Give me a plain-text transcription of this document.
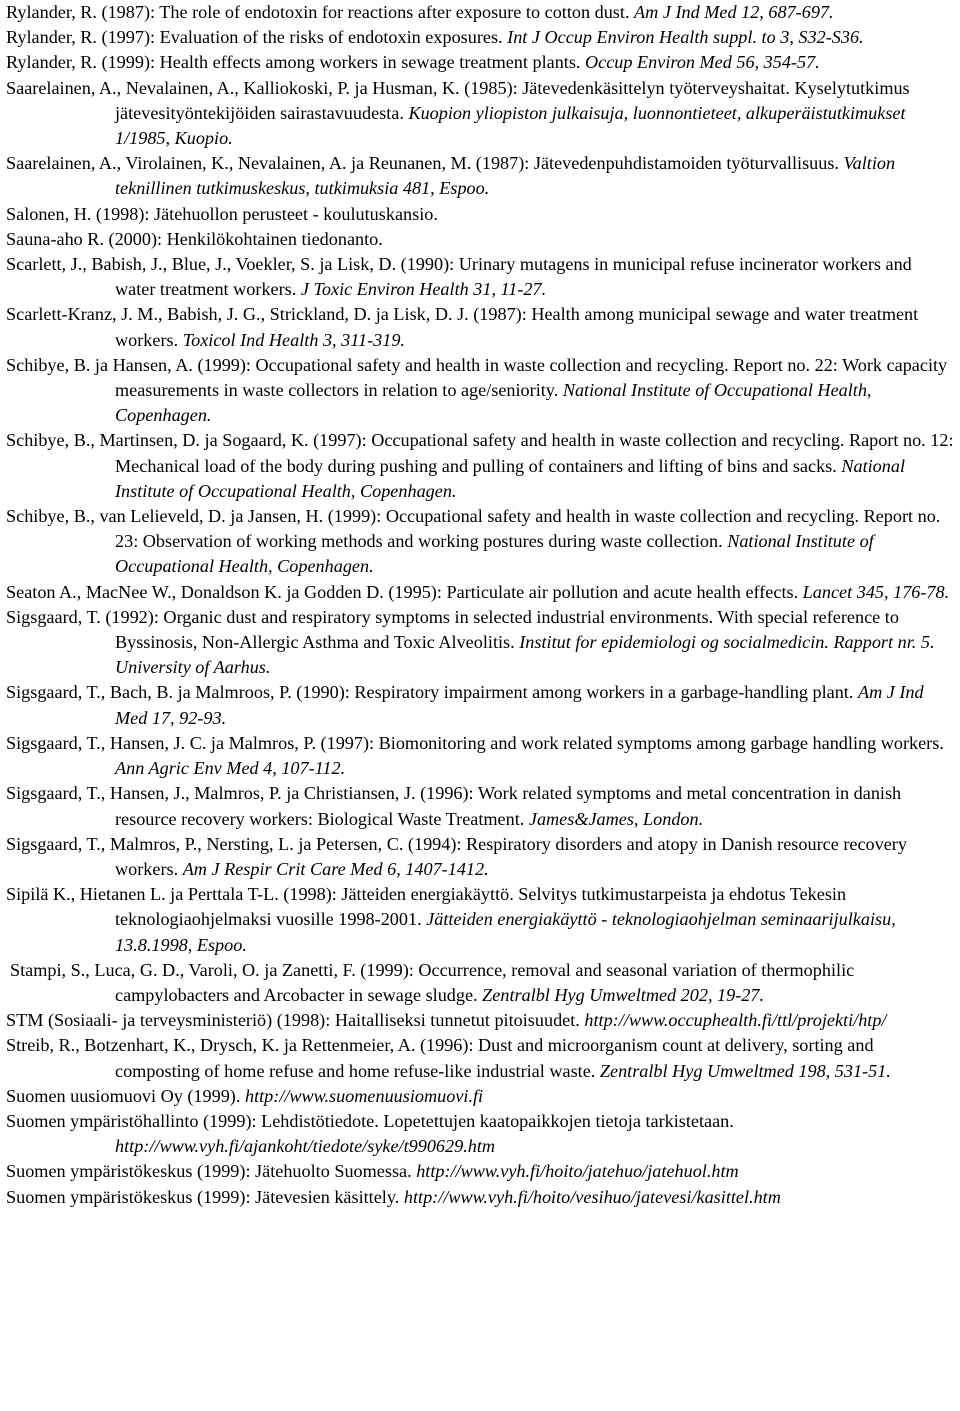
Rylander, R. (1987): The role of endotoxin for reactions after exposure to cotton dust. Am J Ind Med 12, 687-697.

Rylander, R. (1997): Evaluation of the risks of endotoxin exposures. Int J Occup Environ Health suppl. to 3, S32-S36.

Rylander, R. (1999): Health effects among workers in sewage treatment plants. Occup Environ Med 56, 354-57.

Saarelainen, A., Nevalainen, A., Kalliokoski, P. ja Husman, K. (1985): Jätevedenkäsittelyn työterveyshaitat. Kyselytutkimus jätevesityöntekijöiden sairastavuudesta. Kuopion yliopiston julkaisuja, luonnontieteet, alkuperäistutkimukset 1/1985, Kuopio.

Saarelainen, A., Virolainen, K., Nevalainen, A. ja Reunanen, M. (1987): Jätevedenpuhdistamoiden työturvallisuus. Valtion teknillinen tutkimuskeskus, tutkimuksia 481, Espoo.

Salonen, H. (1998): Jätehuollon perusteet - koulutuskansio.

Sauna-aho R. (2000): Henkilökohtainen tiedonanto.

Scarlett, J., Babish, J., Blue, J., Voekler, S. ja Lisk, D. (1990): Urinary mutagens in municipal refuse incinerator workers and water treatment workers. J Toxic Environ Health 31, 11-27.

Scarlett-Kranz, J. M., Babish, J. G., Strickland, D. ja Lisk, D. J. (1987): Health among municipal sewage and water treatment workers. Toxicol Ind Health 3, 311-319.

Schibye, B. ja Hansen, A. (1999): Occupational safety and health in waste collection and recycling. Report no. 22: Work capacity measurements in waste collectors in relation to age/seniority. National Institute of Occupational Health, Copenhagen.

Schibye, B., Martinsen, D. ja Sogaard, K. (1997): Occupational safety and health in waste collection and recycling. Raport no. 12: Mechanical load of the body during pushing and pulling of containers and lifting of bins and sacks. National Institute of Occupational Health, Copenhagen.

Schibye, B., van Lelieveld, D. ja Jansen, H. (1999): Occupational safety and health in waste collection and recycling. Report no. 23: Observation of working methods and working postures during waste collection. National Institute of Occupational Health, Copenhagen.

Seaton A., MacNee W., Donaldson K. ja Godden D. (1995): Particulate air pollution and acute health effects. Lancet 345, 176-78.

Sigsgaard, T. (1992): Organic dust and respiratory symptoms in selected industrial environments. With special reference to Byssinosis, Non-Allergic Asthma and Toxic Alveolitis. Institut for epidemiologi og socialmedicin. Rapport nr. 5. University of Aarhus.

Sigsgaard, T., Bach, B. ja Malmroos, P. (1990): Respiratory impairment among workers in a garbage-handling plant. Am J Ind Med 17, 92-93.

Sigsgaard, T., Hansen, J. C. ja Malmros, P. (1997): Biomonitoring and work related symptoms among garbage handling workers. Ann Agric Env Med 4, 107-112.

Sigsgaard, T., Hansen, J., Malmros, P. ja Christiansen, J. (1996): Work related symptoms and metal concentration in danish resource recovery workers: Biological Waste Treatment. James&James, London.

Sigsgaard, T., Malmros, P., Nersting, L. ja Petersen, C. (1994): Respiratory disorders and atopy in Danish resource recovery workers. Am J Respir Crit Care Med 6, 1407-1412.

Sipilä K., Hietanen L. ja Perttala T-L. (1998): Jätteiden energiakäyttö. Selvitys tutkimustarpeista ja ehdotus Tekesin teknologiaohjelmaksi vuosille 1998-2001. Jätteiden energiakäyttö - teknologiaohjelman seminaarijulkaisu, 13.8.1998, Espoo.

Stampi, S., Luca, G. D., Varoli, O. ja Zanetti, F. (1999): Occurrence, removal and seasonal variation of thermophilic campylobacters and Arcobacter in sewage sludge. Zentralbl Hyg Umweltmed 202, 19-27.

STM (Sosiaali- ja terveysministeriö) (1998): Haitalliseksi tunnetut pitoisuudet. http://www.occuphealth.fi/ttl/projekti/htp/

Streib, R., Botzenhart, K., Drysch, K. ja Rettenmeier, A. (1996): Dust and microorganism count at delivery, sorting and composting of home refuse and home refuse-like industrial waste. Zentralbl Hyg Umweltmed 198, 531-51.

Suomen uusiomuovi Oy (1999). http://www.suomenuusiomuovi.fi

Suomen ympäristöhallinto (1999): Lehdistötiedote. Lopetettujen kaatopaikkojen tietoja tarkistetaan. http://www.vyh.fi/ajankoht/tiedote/syke/t990629.htm

Suomen ympäristökeskus (1999): Jätehuolto Suomessa. http://www.vyh.fi/hoito/jatehuo/jatehuol.htm

Suomen ympäristökeskus (1999): Jätevesien käsittely. http://www.vyh.fi/hoito/vesihuo/jatevesi/kasittel.htm
